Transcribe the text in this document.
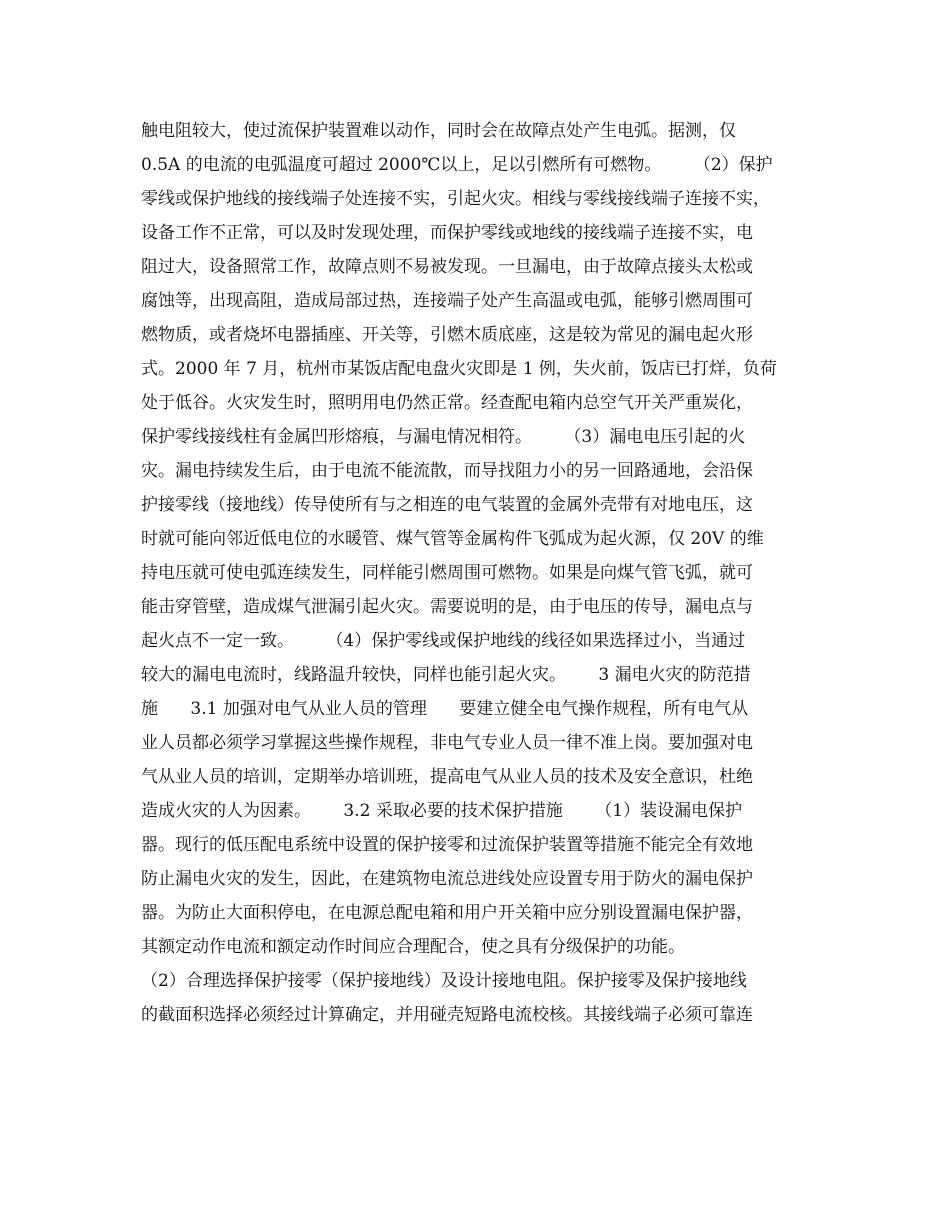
触电阻较大，使过流保护装置难以动作，同时会在故障点处产生电弧。据测，仅
0.5A 的电流的电弧温度可超过 2000℃以上，足以引燃所有可燃物。      （2）保护
零线或保护地线的接线端子处连接不实，引起火灾。相线与零线接线端子连接不实，
设备工作不正常，可以及时发现处理，而保护零线或地线的接线端子连接不实，电
阻过大，设备照常工作，故障点则不易被发现。一旦漏电，由于故障点接头太松或
腐蚀等，出现高阻，造成局部过热，连接端子处产生高温或电弧，能够引燃周围可
燃物质，或者烧坏电器插座、开关等，引燃木质底座，这是较为常见的漏电起火形
式。2000 年 7 月，杭州市某饭店配电盘火灾即是 1 例，失火前，饭店已打烊，负荷
处于低谷。火灾发生时，照明用电仍然正常。经查配电箱内总空气开关严重炭化，
保护零线接线柱有金属凹形熔痕，与漏电情况相符。      （3）漏电电压引起的火
灾。漏电持续发生后，由于电流不能流散，而导找阻力小的另一回路通地，会沿保
护接零线（接地线）传导使所有与之相连的电气装置的金属外壳带有对地电压，这
时就可能向邻近低电位的水暖管、煤气管等金属构件飞弧成为起火源，仅 20V 的维
持电压就可使电弧连续发生，同样能引燃周围可燃物。如果是向煤气管飞弧，就可
能击穿管壁，造成煤气泄漏引起火灾。需要说明的是，由于电压的传导，漏电点与
起火点不一定一致。      （4）保护零线或保护地线的线径如果选择过小，当通过
较大的漏电电流时，线路温升较快，同样也能引起火灾。      3 漏电火灾的防范措
施      3.1 加强对电气从业人员的管理      要建立健全电气操作规程，所有电气从
业人员都必须学习掌握这些操作规程，非电气专业人员一律不准上岗。要加强对电
气从业人员的培训，定期举办培训班，提高电气从业人员的技术及安全意识，杜绝
造成火灾的人为因素。      3.2 采取必要的技术保护措施      （1）装设漏电保护
器。现行的低压配电系统中设置的保护接零和过流保护装置等措施不能完全有效地
防止漏电火灾的发生，因此，在建筑物电流总进线处应设置专用于防火的漏电保护
器。为防止大面积停电，在电源总配电箱和用户开关箱中应分别设置漏电保护器，
其额定动作电流和额定动作时间应合理配合，使之具有分级保护的功能。
（2）合理选择保护接零（保护接地线）及设计接地电阻。保护接零及保护接地线
的截面积选择必须经过计算确定，并用碰壳短路电流校核。其接线端子必须可靠连
